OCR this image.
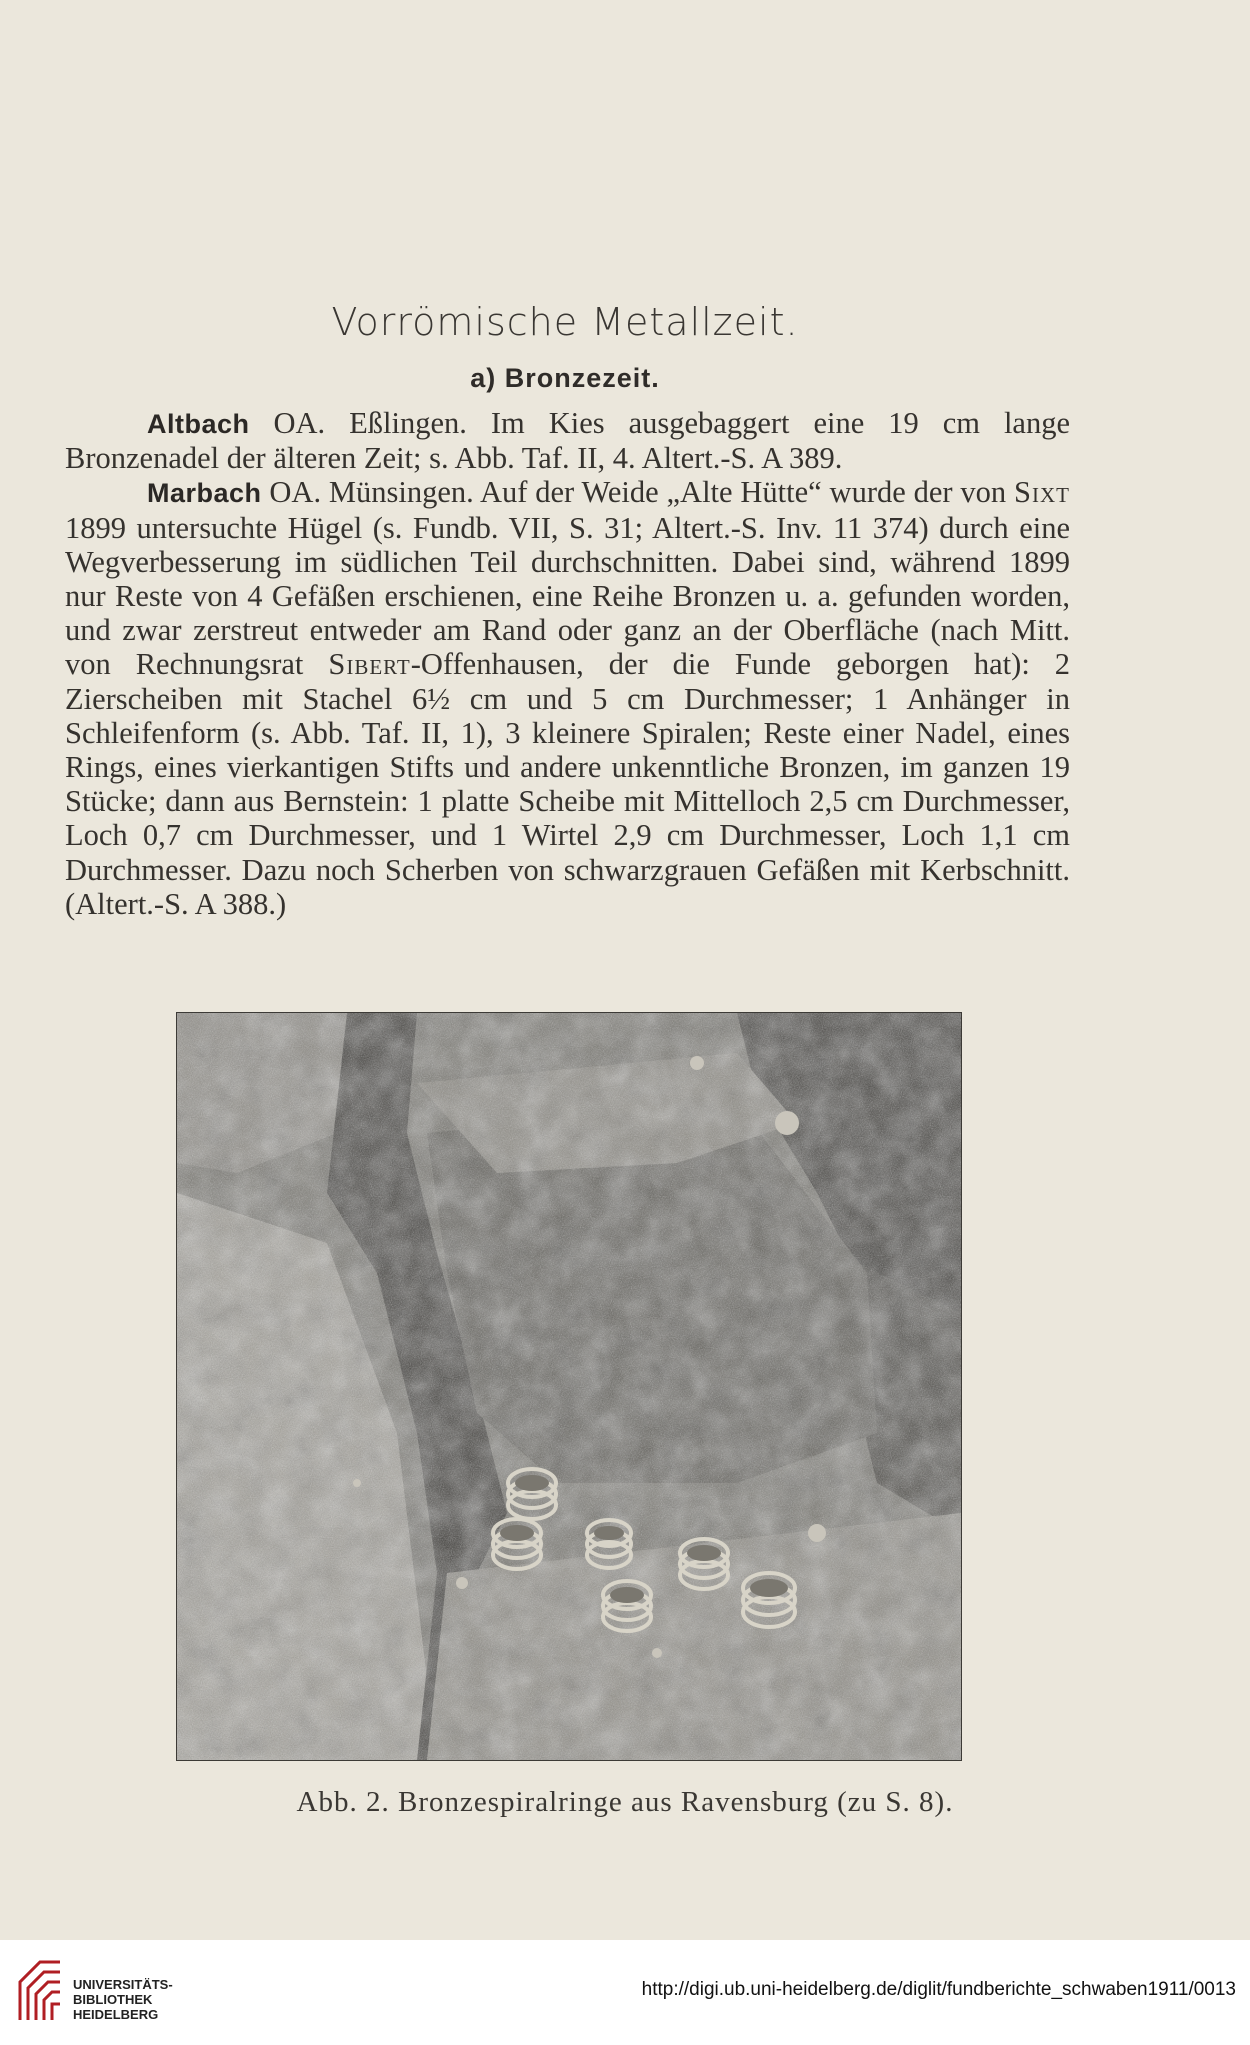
Vorrömische Metallzeit.
a) Bronzezeit.

Altbach OA. Eßlingen. Im Kies ausgebaggert eine 19 cm lange Bronzenadel der älteren Zeit; s. Abb. Taf. II, 4. Altert.-S. A 389.

Marbach OA. Münsingen. Auf der Weide „Alte Hütte“ wurde der von Sixt 1899 untersuchte Hügel (s. Fundb. VII, S. 31; Altert.-S. Inv. 11 374) durch eine Wegverbesserung im südlichen Teil durchschnitten. Dabei sind, während 1899 nur Reste von 4 Gefäßen erschienen, eine Reihe Bronzen u. a. gefunden worden, und zwar zerstreut entweder am Rand oder ganz an der Oberfläche (nach Mitt. von Rechnungsrat Sibert-Offenhausen, der die Funde geborgen hat): 2 Zierscheiben mit Stachel 6½ cm und 5 cm Durchmesser; 1 Anhänger in Schleifenform (s. Abb. Taf. II, 1), 3 kleinere Spiralen; Reste einer Nadel, eines Rings, eines vierkantigen Stifts und andere unkenntliche Bronzen, im ganzen 19 Stücke; dann aus Bernstein: 1 platte Scheibe mit Mittelloch 2,5 cm Durchmesser, Loch 0,7 cm Durchmesser, und 1 Wirtel 2,9 cm Durchmesser, Loch 1,1 cm Durchmesser. Dazu noch Scherben von schwarzgrauen Gefäßen mit Kerbschnitt. (Altert.-S. A 388.)

Abb. 2. Bronzespiralringe aus Ravensburg (zu S. 8).
UNIVERSITÄTS-
BIBLIOTHEK
HEIDELBERG
http://digi.ub.uni-heidelberg.de/diglit/fundberichte_schwaben1911/0013
